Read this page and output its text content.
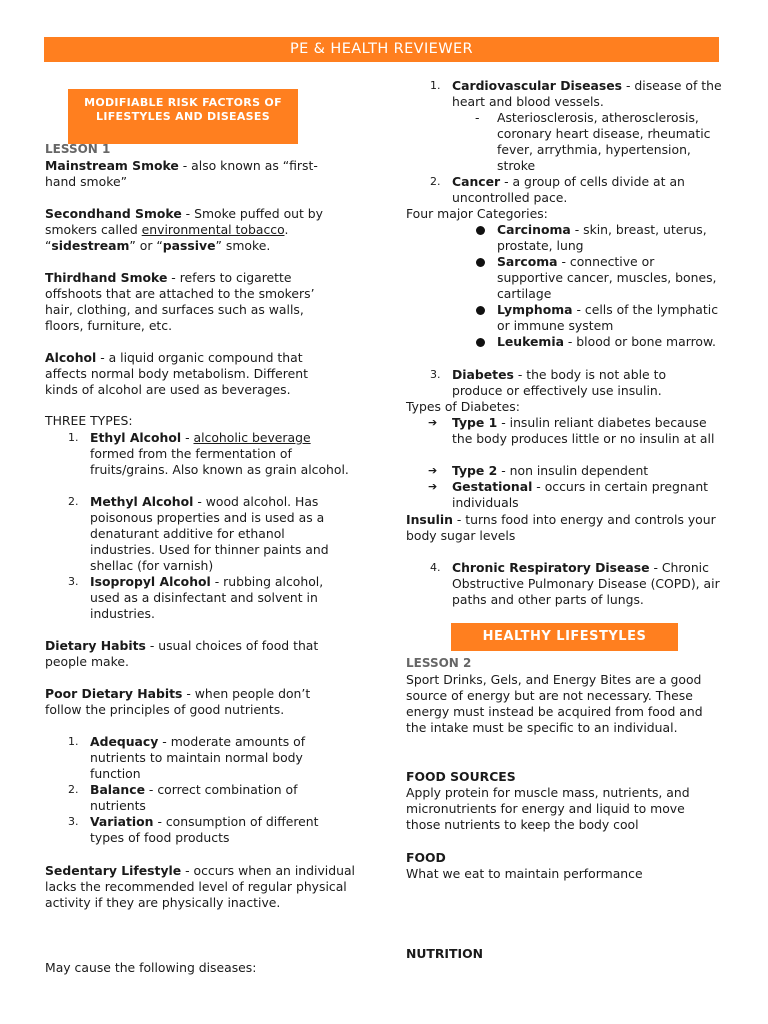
PE & HEALTH REVIEWER
MODIFIABLE RISK FACTORS OF LIFESTYLES AND DISEASES
HEALTHY LIFESTYLES
LESSON 1
Mainstream Smoke - also known as “first-hand smoke”
Secondhand Smoke - Smoke puffed out by smokers called environmental tobacco.
“sidestream” or “passive” smoke.
Thirdhand Smoke - refers to cigarette offshoots that are attached to the smokers’ hair, clothing, and surfaces such as walls, floors, furniture, etc.
Alcohol - a liquid organic compound that affects normal body metabolism. Different kinds of alcohol are used as beverages.
THREE TYPES:
1. Ethyl Alcohol - alcoholic beverage formed from the fermentation of fruits/grains. Also known as grain alcohol.
2. Methyl Alcohol - wood alcohol. Has poisonous properties and is used as a denaturant additive for ethanol industries. Used for thinner paints and shellac (for varnish)
3. Isopropyl Alcohol - rubbing alcohol, used as a disinfectant and solvent in industries.
Dietary Habits - usual choices of food that people make.
Poor Dietary Habits - when people don’t follow the principles of good nutrients.
1. Adequacy - moderate amounts of nutrients to maintain normal body function
2. Balance - correct combination of nutrients
3. Variation - consumption of different types of food products
Sedentary Lifestyle - occurs when an individual lacks the recommended level of regular physical activity if they are physically inactive.
May cause the following diseases:
1. Cardiovascular Diseases - disease of the heart and blood vessels.
- Asteriosclerosis, atherosclerosis, coronary heart disease, rheumatic fever, arrythmia, hypertension, stroke
2. Cancer - a group of cells divide at an uncontrolled pace.
Four major Categories:
Carcinoma - skin, breast, uterus, prostate, lung
Sarcoma - connective or supportive cancer, muscles, bones, cartilage
Lymphoma - cells of the lymphatic or immune system
Leukemia - blood or bone marrow.
3. Diabetes - the body is not able to produce or effectively use insulin.
Types of Diabetes:
➔ Type 1 - insulin reliant diabetes because the body produces little or no insulin at all
➔ Type 2 - non insulin dependent
➔ Gestational - occurs in certain pregnant individuals
Insulin - turns food into energy and controls your body sugar levels
4. Chronic Respiratory Disease - Chronic Obstructive Pulmonary Disease (COPD), air paths and other parts of lungs.
LESSON 2
Sport Drinks, Gels, and Energy Bites are a good source of energy but are not necessary. These energy must instead be acquired from food and the intake must be specific to an individual.
FOOD SOURCES
Apply protein for muscle mass, nutrients, and micronutrients for energy and liquid to move those nutrients to keep the body cool
FOOD
What we eat to maintain performance
NUTRITION
